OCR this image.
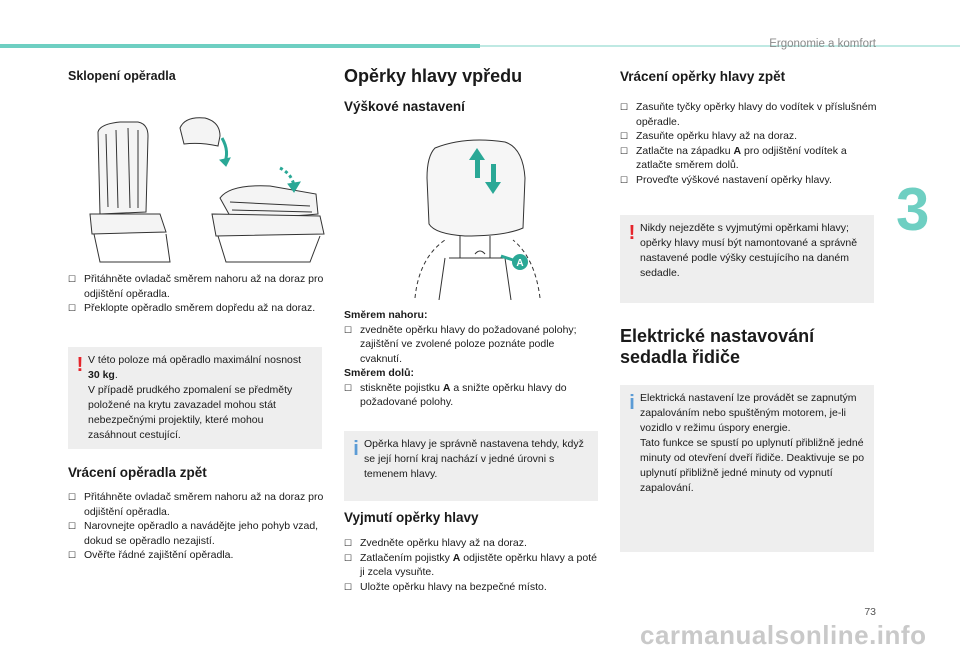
Ergonomie a komfort
3
Sklopení opěradla
☐ Přitáhněte ovladač směrem nahoru až na doraz pro odjištění opěradla.
☐ Překlopte opěradlo směrem dopředu až na doraz.
! V této poloze má opěradlo maximální nosnost 30 kg.
V případě prudkého zpomalení se předměty položené na krytu zavazadel mohou stát nebezpečnými projektily, které mohou zasáhnout cestující.
Vrácení opěradla zpět
☐ Přitáhněte ovladač směrem nahoru až na doraz pro odjištění opěradla.
☐ Narovnejte opěradlo a navádějte jeho pohyb vzad, dokud se opěradlo nezajistí.
☐ Ověřte řádné zajištění opěradla.
Opěrky hlavy vpředu
Výškové nastavení
A
Směrem nahoru:
☐ zvedněte opěrku hlavy do požadované polohy; zajištění ve zvolené poloze poznáte podle cvaknutí.
Směrem dolů:
☐ stiskněte pojistku A a snižte opěrku hlavy do požadované polohy.
i Opěrka hlavy je správně nastavena tehdy, když se její horní kraj nachází v jedné úrovni s temenem hlavy.
Vyjmutí opěrky hlavy
☐ Zvedněte opěrku hlavy až na doraz.
☐ Zatlačením pojistky A odjistěte opěrku hlavy a poté ji zcela vysuňte.
☐ Uložte opěrku hlavy na bezpečné místo.
Vrácení opěrky hlavy zpět
☐ Zasuňte tyčky opěrky hlavy do vodítek v příslušném opěradle.
☐ Zasuňte opěrku hlavy až na doraz.
☐ Zatlačte na západku A pro odjištění vodítek a zatlačte směrem dolů.
☐ Proveďte výškové nastavení opěrky hlavy.
! Nikdy nejezděte s vyjmutými opěrkami hlavy; opěrky hlavy musí být namontované a správně nastavené podle výšky cestujícího na daném sedadle.
Elektrické nastavování sedadla řidiče
i Elektrická nastavení lze provádět se zapnutým zapalováním nebo spuštěným motorem, je-li vozidlo v režimu úspory energie.
Tato funkce se spustí po uplynutí přibližně jedné minuty od otevření dveří řidiče. Deaktivuje se po uplynutí přibližně jedné minuty od vypnutí zapalování.
73
carmanualsonline.info
